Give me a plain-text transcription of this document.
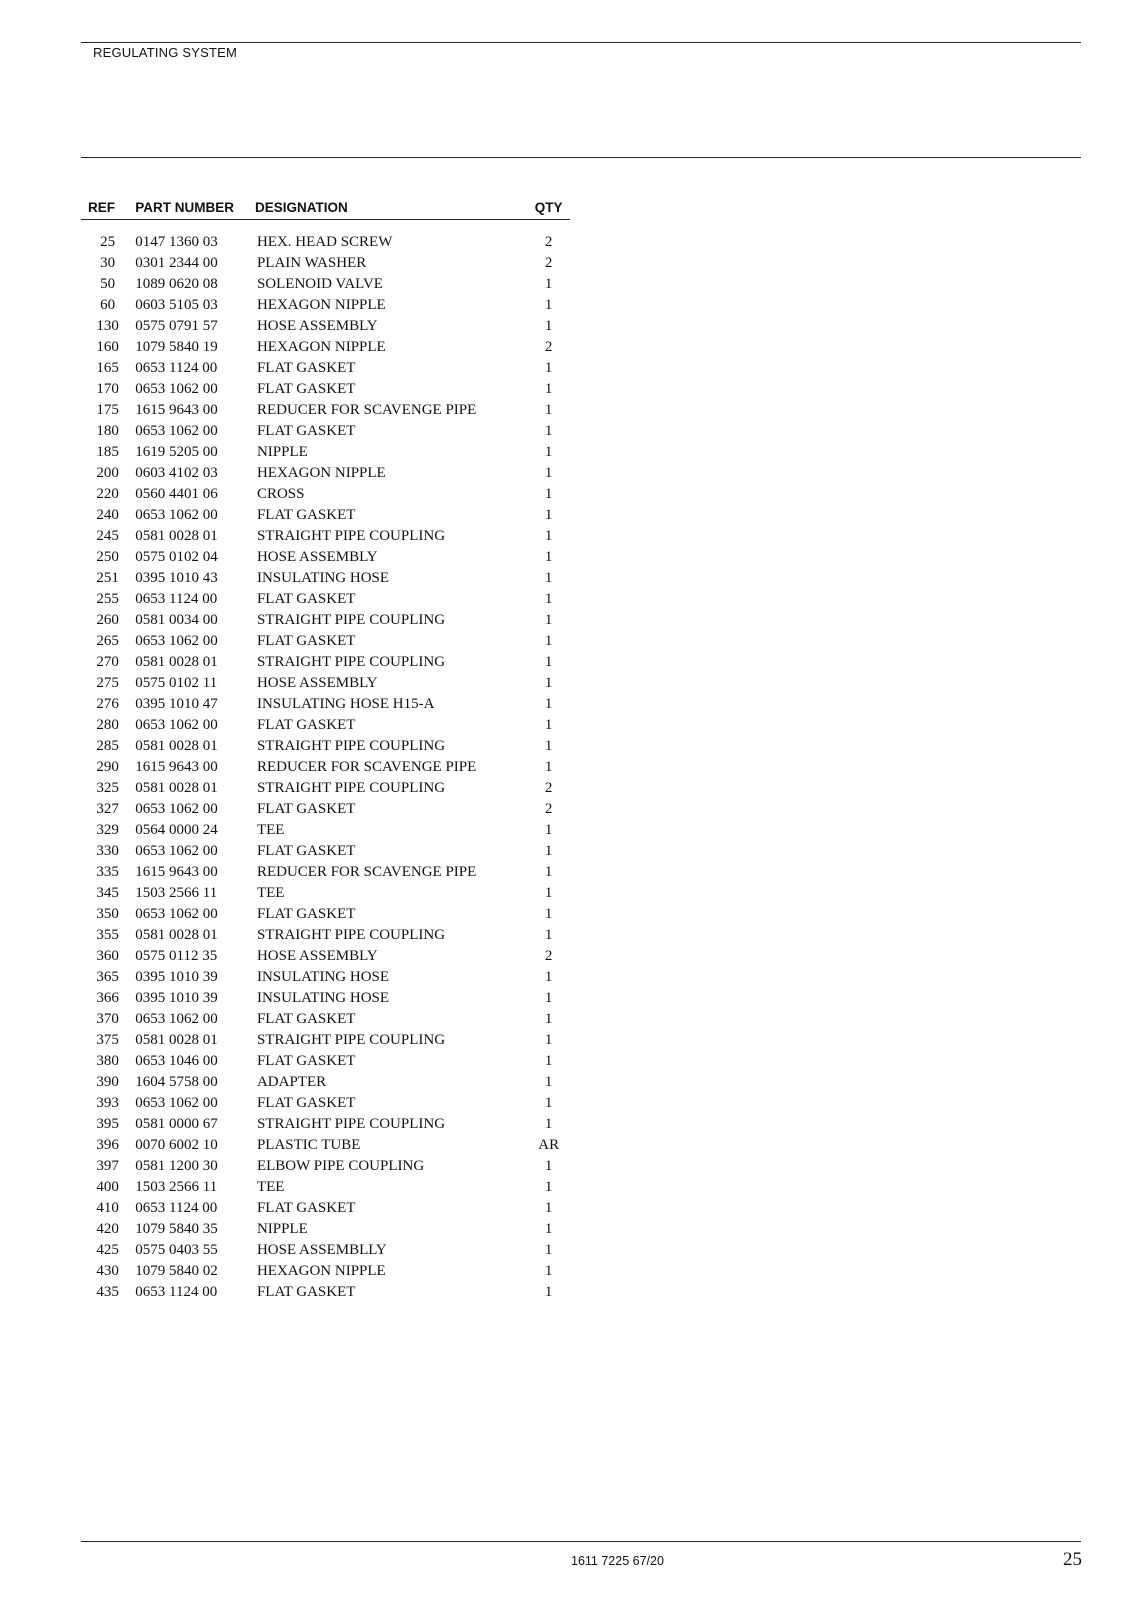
REGULATING SYSTEM
REF	PART NUMBER	DESIGNATION	QTY

25	0147 1360 03	HEX. HEAD SCREW	2
30	0301 2344 00	PLAIN WASHER	2
50	1089 0620 08	SOLENOID VALVE	1
60	0603 5105 03	HEXAGON NIPPLE	1
130	0575 0791 57	HOSE ASSEMBLY	1
160	1079 5840 19	HEXAGON NIPPLE	2
165	0653 1124 00	FLAT GASKET	1
170	0653 1062 00	FLAT GASKET	1
175	1615 9643 00	REDUCER FOR SCAVENGE PIPE	1
180	0653 1062 00	FLAT GASKET	1
185	1619 5205 00	NIPPLE	1
200	0603 4102 03	HEXAGON NIPPLE	1
220	0560 4401 06	CROSS	1
240	0653 1062 00	FLAT GASKET	1
245	0581 0028 01	STRAIGHT PIPE COUPLING	1
250	0575 0102 04	HOSE ASSEMBLY	1
251	0395 1010 43	INSULATING HOSE	1
255	0653 1124 00	FLAT GASKET	1
260	0581 0034 00	STRAIGHT PIPE COUPLING	1
265	0653 1062 00	FLAT GASKET	1
270	0581 0028 01	STRAIGHT PIPE COUPLING	1
275	0575 0102 11	HOSE ASSEMBLY	1
276	0395 1010 47	INSULATING HOSE H15-A	1
280	0653 1062 00	FLAT GASKET	1
285	0581 0028 01	STRAIGHT PIPE COUPLING	1
290	1615 9643 00	REDUCER FOR SCAVENGE PIPE	1
325	0581 0028 01	STRAIGHT PIPE COUPLING	2
327	0653 1062 00	FLAT GASKET	2
329	0564 0000 24	TEE	1
330	0653 1062 00	FLAT GASKET	1
335	1615 9643 00	REDUCER FOR SCAVENGE PIPE	1
345	1503 2566 11	TEE	1
350	0653 1062 00	FLAT GASKET	1
355	0581 0028 01	STRAIGHT PIPE COUPLING	1
360	0575 0112 35	HOSE ASSEMBLY	2
365	0395 1010 39	INSULATING HOSE	1
366	0395 1010 39	INSULATING HOSE	1
370	0653 1062 00	FLAT GASKET	1
375	0581 0028 01	STRAIGHT PIPE COUPLING	1
380	0653 1046 00	FLAT GASKET	1
390	1604 5758 00	ADAPTER	1
393	0653 1062 00	FLAT GASKET	1
395	0581 0000 67	STRAIGHT PIPE COUPLING	1
396	0070 6002 10	PLASTIC TUBE	AR
397	0581 1200 30	ELBOW PIPE COUPLING	1
400	1503 2566 11	TEE	1
410	0653 1124 00	FLAT GASKET	1
420	1079 5840 35	NIPPLE	1
425	0575 0403 55	HOSE ASSEMBLLY	1
430	1079 5840 02	HEXAGON NIPPLE	1
435	0653 1124 00	FLAT GASKET	1
1611 7225 67/20	25
